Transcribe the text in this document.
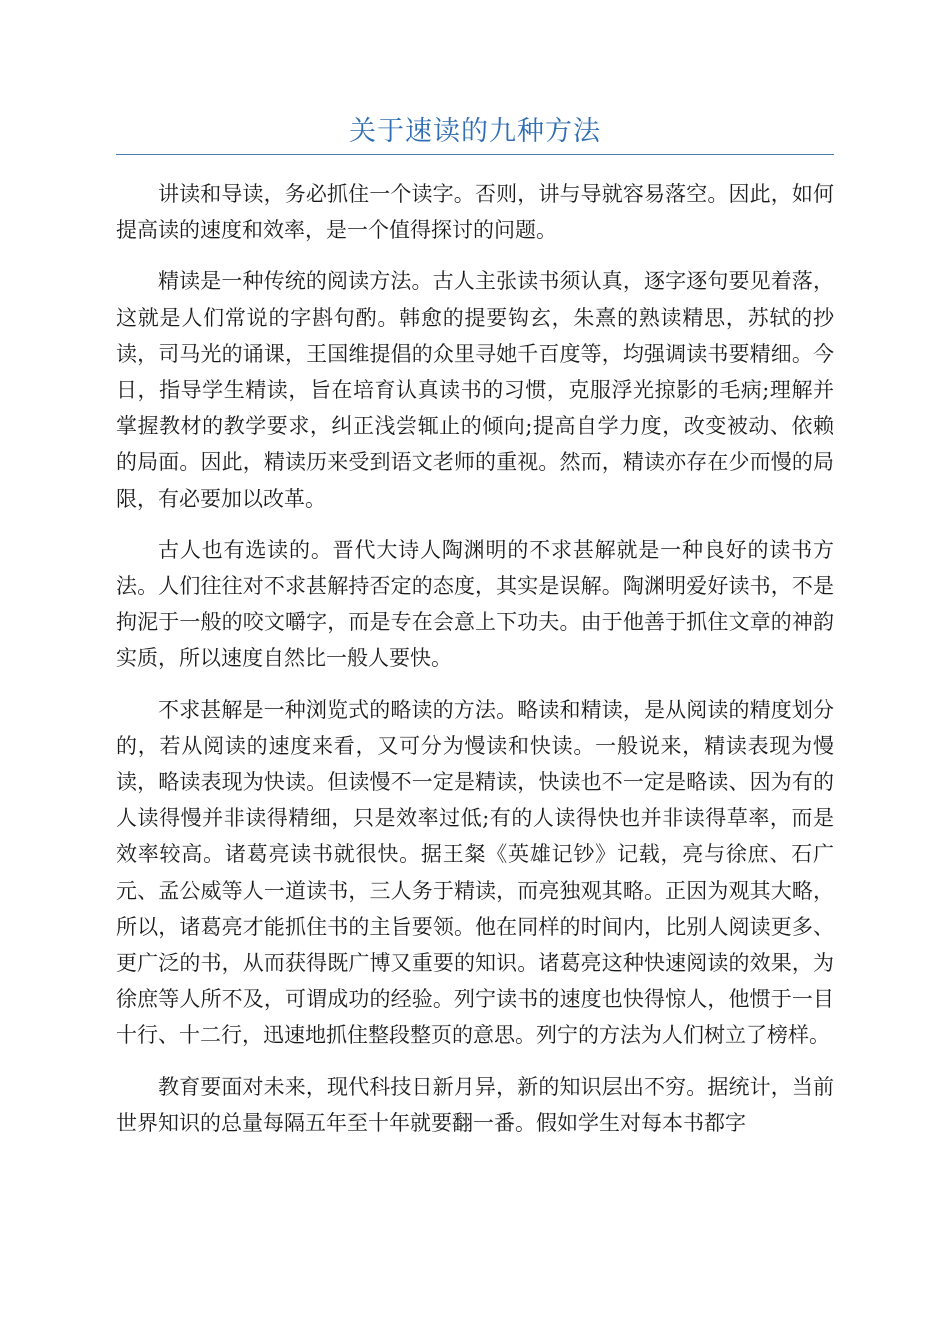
关于速读的九种方法

讲读和导读，务必抓住一个读字。否则，讲与导就容易落空。因此，如何提高读的速度和效率，是一个值得探讨的问题。

精读是一种传统的阅读方法。古人主张读书须认真，逐字逐句要见着落，这就是人们常说的字斟句酌。韩愈的提要钩玄，朱熹的熟读精思，苏轼的抄读，司马光的诵课，王国维提倡的众里寻她千百度等，均强调读书要精细。今日，指导学生精读，旨在培育认真读书的习惯，克服浮光掠影的毛病;理解并掌握教材的教学要求，纠正浅尝辄止的倾向;提高自学力度，改变被动、依赖的局面。因此，精读历来受到语文老师的重视。然而，精读亦存在少而慢的局限，有必要加以改革。

古人也有选读的。晋代大诗人陶渊明的不求甚解就是一种良好的读书方法。人们往往对不求甚解持否定的态度，其实是误解。陶渊明爱好读书，不是拘泥于一般的咬文嚼字，而是专在会意上下功夫。由于他善于抓住文章的神韵实质，所以速度自然比一般人要快。

不求甚解是一种浏览式的略读的方法。略读和精读，是从阅读的精度划分的，若从阅读的速度来看，又可分为慢读和快读。一般说来，精读表现为慢读，略读表现为快读。但读慢不一定是精读，快读也不一定是略读、因为有的人读得慢并非读得精细，只是效率过低;有的人读得快也并非读得草率，而是效率较高。诸葛亮读书就很快。据王粲《英雄记钞》记载，亮与徐庶、石广元、孟公威等人一道读书，三人务于精读，而亮独观其略。正因为观其大略，所以，诸葛亮才能抓住书的主旨要领。他在同样的时间内，比别人阅读更多、更广泛的书，从而获得既广博又重要的知识。诸葛亮这种快速阅读的效果，为徐庶等人所不及，可谓成功的经验。列宁读书的速度也快得惊人，他惯于一目十行、十二行，迅速地抓住整段整页的意思。列宁的方法为人们树立了榜样。

教育要面对未来，现代科技日新月异，新的知识层出不穷。据统计，当前世界知识的总量每隔五年至十年就要翻一番。假如学生对每本书都字
